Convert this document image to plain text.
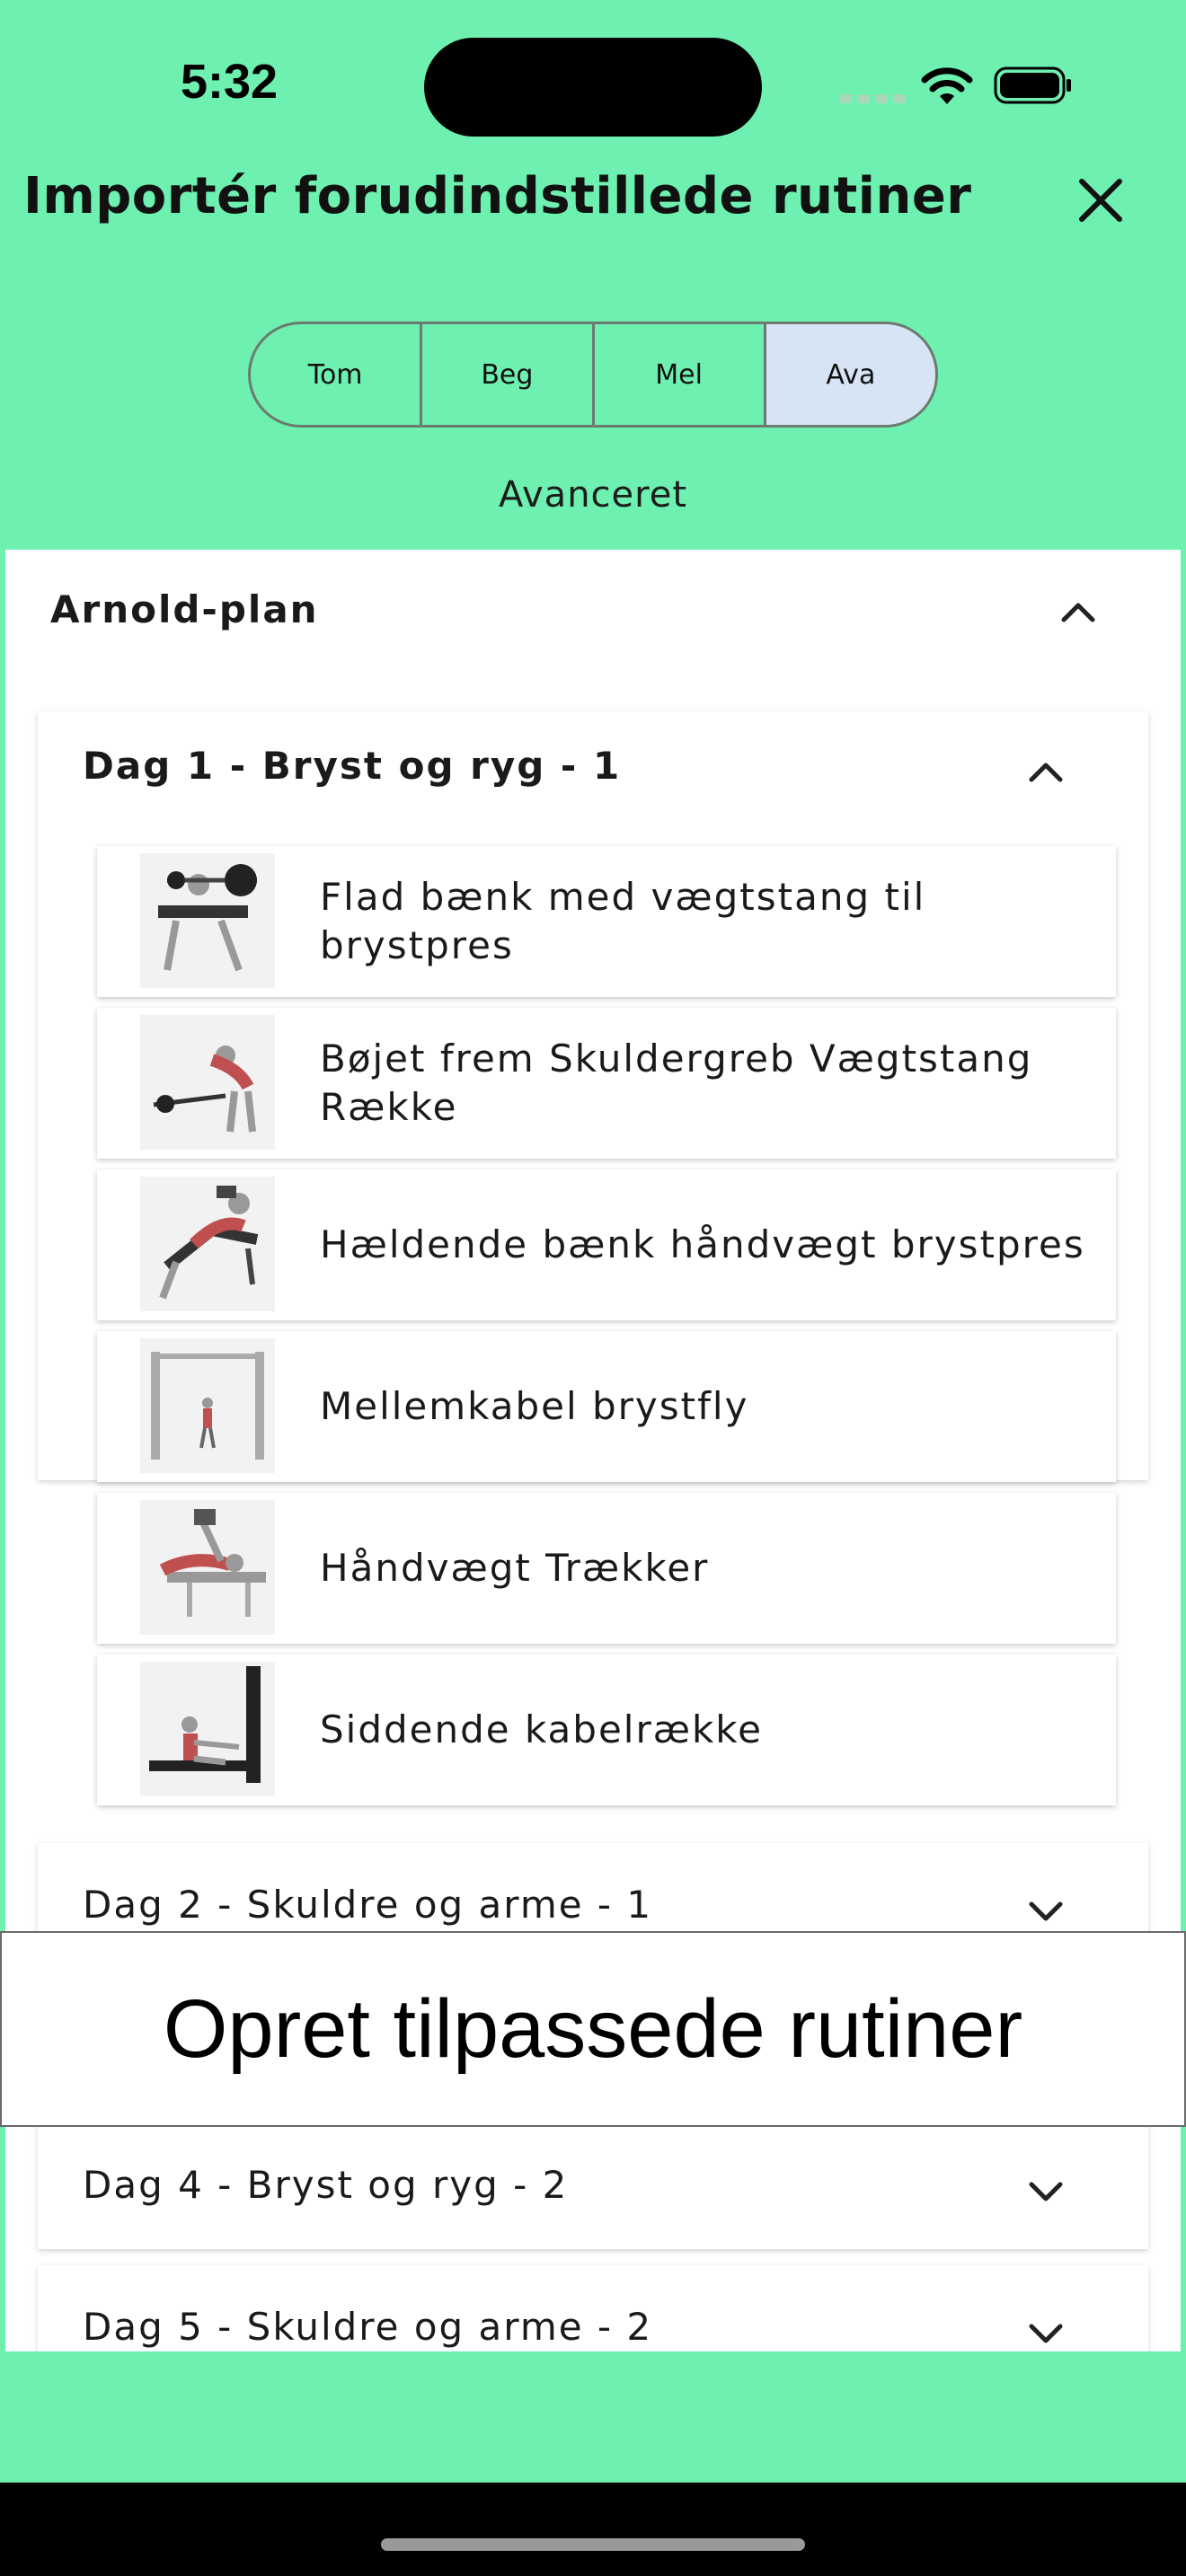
5:32
Importér forudindstillede rutiner
Tom	Beg	Mel	Ava
Avanceret
Arnold-plan
Dag 1 - Bryst og ryg - 1
Flad bænk med vægtstang til brystpres
Bøjet frem Skuldergreb Vægtstang Række
Hældende bænk håndvægt brystpres
Mellemkabel brystfly
Håndvægt Trækker
Siddende kabelrække
Dag 2 - Skuldre og arme - 1
Dag 4 - Bryst og ryg - 2
Dag 5 - Skuldre og arme - 2
Opret tilpassede rutiner
